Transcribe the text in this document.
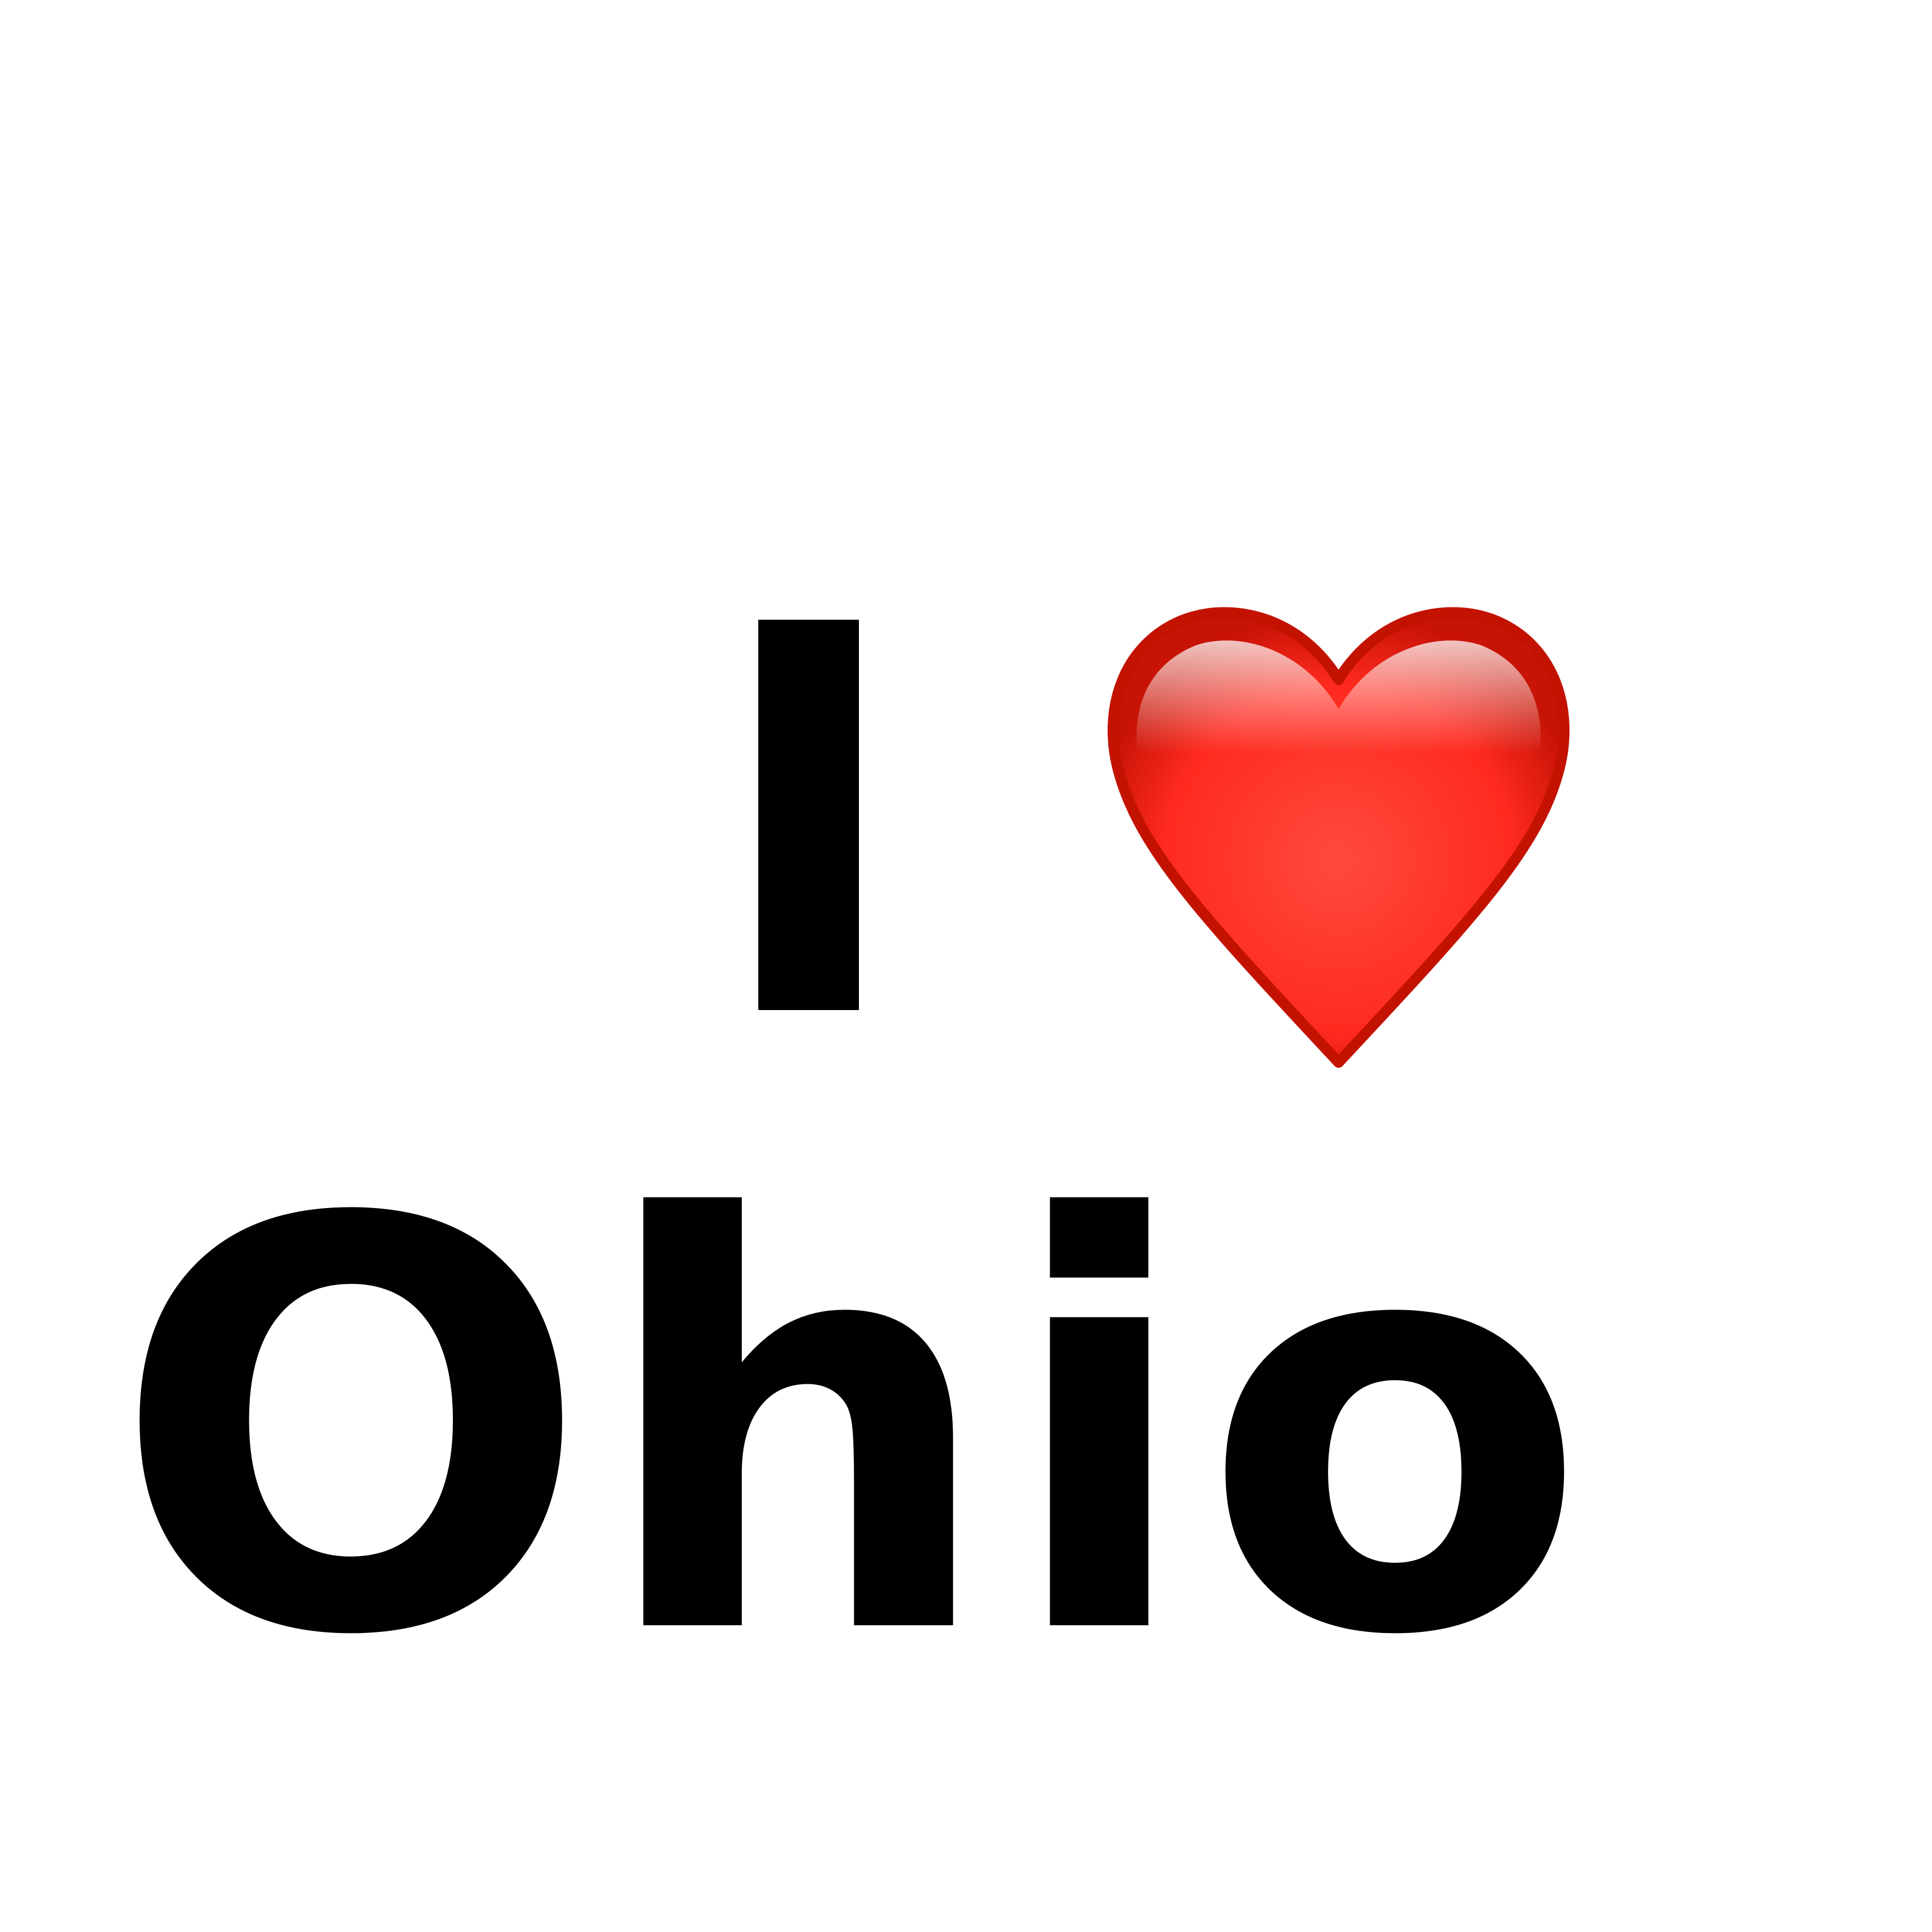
I
Ohio
